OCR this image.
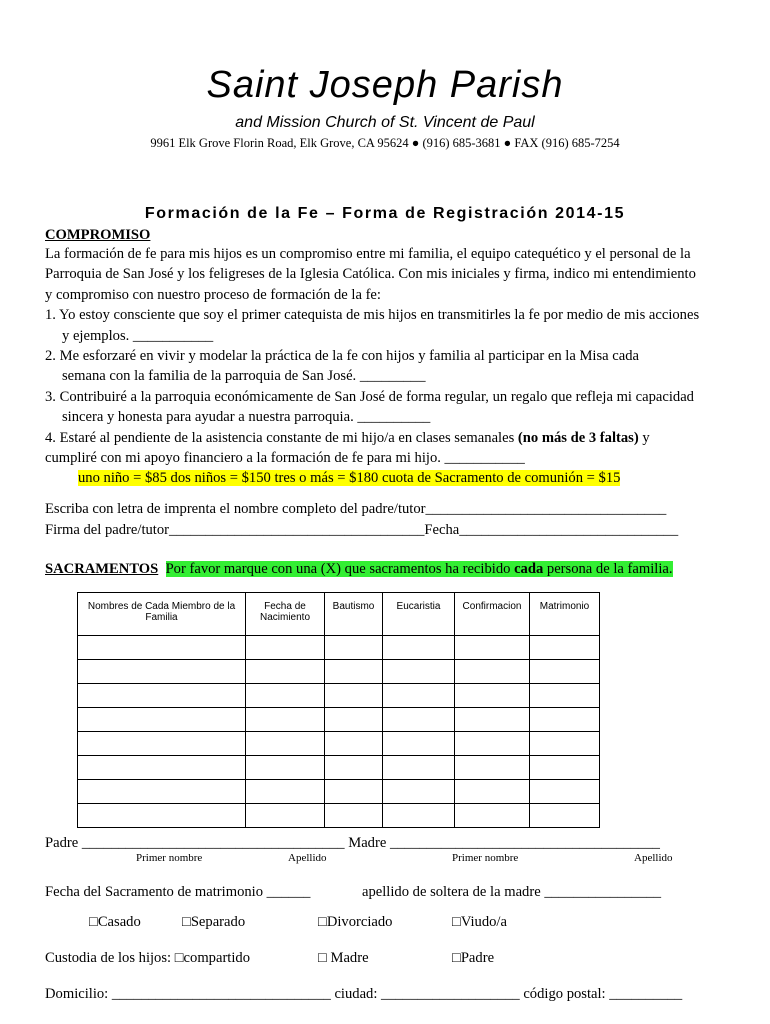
Saint Joseph Parish
and Mission Church of St. Vincent de Paul
9961 Elk Grove Florin Road, Elk Grove, CA 95624 ● (916) 685-3681 ● FAX (916) 685-7254
Formación de la Fe – Forma de Registración 2014-15
COMPROMISO
La formación de fe para mis hijos es un compromiso entre mi familia, el equipo catequético y el personal de la
Parroquia de San José y los feligreses de la Iglesia Católica. Con mis iniciales y firma, indico mi entendimiento
y compromiso con nuestro proceso de formación de la fe:
1. Yo estoy consciente que soy el primer catequista de mis hijos en transmitirles la fe por medio de mis acciones
y ejemplos. ___________
2. Me esforzaré en vivir y modelar la práctica de la fe con hijos y familia al participar en la Misa cada
semana con la familia de la parroquia de San José. _________
3. Contribuiré a la parroquia económicamente de San José de forma regular, un regalo que refleja mi capacidad
sincera y honesta para ayudar a nuestra parroquia. __________
4. Estaré al pendiente de la asistencia constante de mi hijo/a en clases semanales (no más de 3 faltas) y
cumpliré con mi apoyo financiero a la formación de fe para mi hijo. ___________
uno niño = $85 dos niños = $150 tres o más = $180 cuota de Sacramento de comunión = $15
Escriba con letra de imprenta el nombre completo del padre/tutor_________________________________
Firma del padre/tutor___________________________________Fecha______________________________
SACRAMENTOS Por favor marque con una (X) que sacramentos ha recibido cada persona de la familia.
Nombres de Cada Miembro de la Familia	Fecha de Nacimiento	Bautismo	Eucaristia	Confirmacion	Matrimonio

Padre ____________________________________ Madre _____________________________________
Primer nombre	Apellido	Primer nombre	Apellido
Fecha del Sacramento de matrimonio ______	apellido de soltera de la madre ________________
□Casado	□Separado	□Divorciado	□Viudo/a
Custodia de los hijos: □compartido	□ Madre	□Padre
Domicilio: ______________________________ ciudad: ___________________ código postal: __________
